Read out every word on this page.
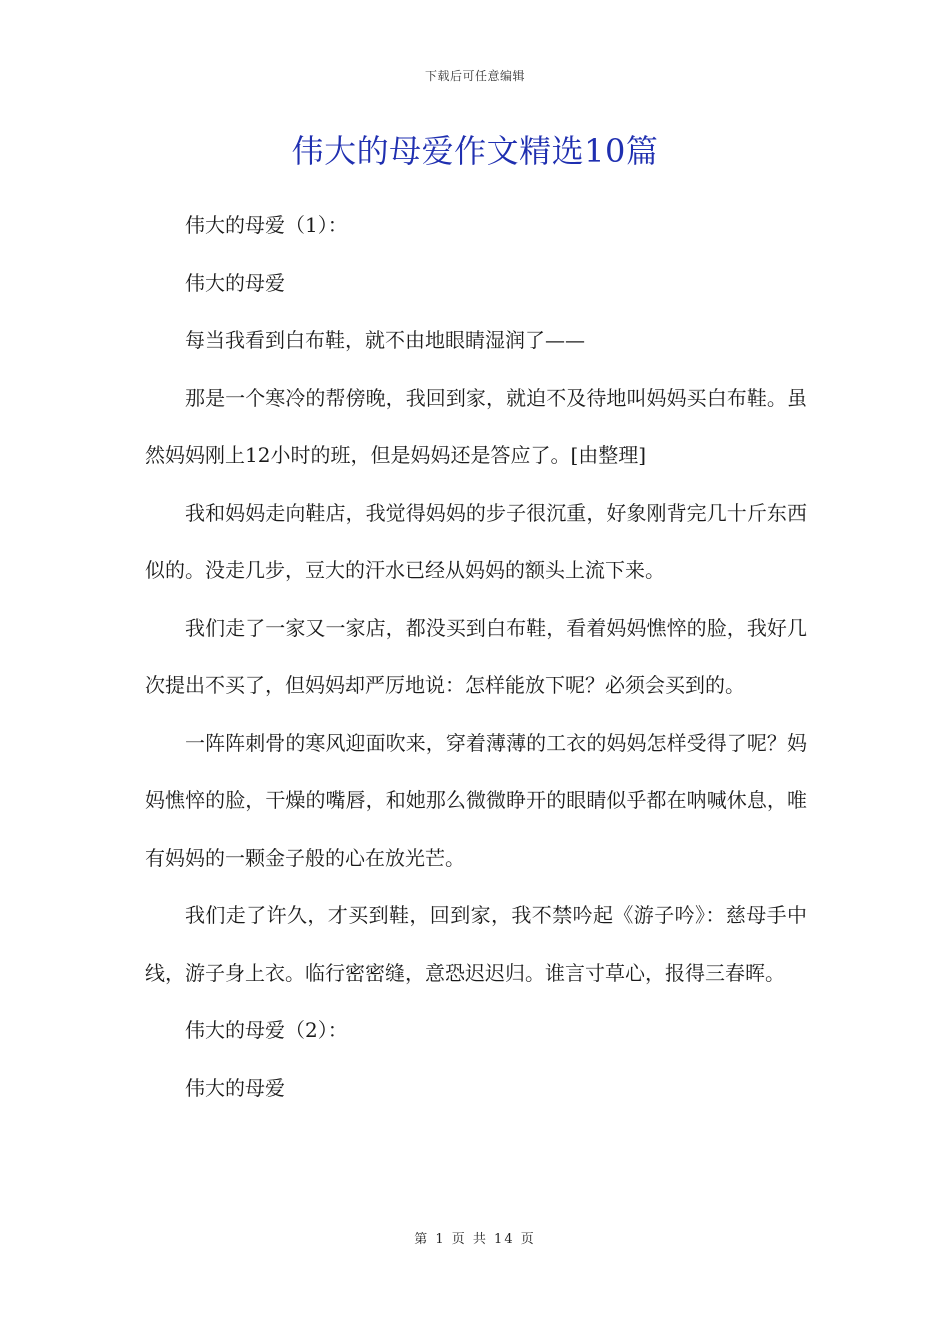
下载后可任意编辑
伟大的母爱作文精选10篇

伟大的母爱（1）：

伟大的母爱

每当我看到白布鞋，就不由地眼睛湿润了——

那是一个寒冷的帮傍晚，我回到家，就迫不及待地叫妈妈买白布鞋。虽然妈妈刚上12小时的班，但是妈妈还是答应了。[由整理]

我和妈妈走向鞋店，我觉得妈妈的步子很沉重，好象刚背完几十斤东西似的。没走几步，豆大的汗水已经从妈妈的额头上流下来。

我们走了一家又一家店，都没买到白布鞋，看着妈妈憔悴的脸，我好几次提出不买了，但妈妈却严厉地说：怎样能放下呢？必须会买到的。

一阵阵刺骨的寒风迎面吹来，穿着薄薄的工衣的妈妈怎样受得了呢？妈妈憔悴的脸，干燥的嘴唇，和她那么微微睁开的眼睛似乎都在呐喊休息，唯有妈妈的一颗金子般的心在放光芒。

我们走了许久，才买到鞋，回到家，我不禁吟起《游子吟》：慈母手中线，游子身上衣。临行密密缝，意恐迟迟归。谁言寸草心，报得三春晖。

伟大的母爱（2）：

伟大的母爱

第 1 页 共 14 页
